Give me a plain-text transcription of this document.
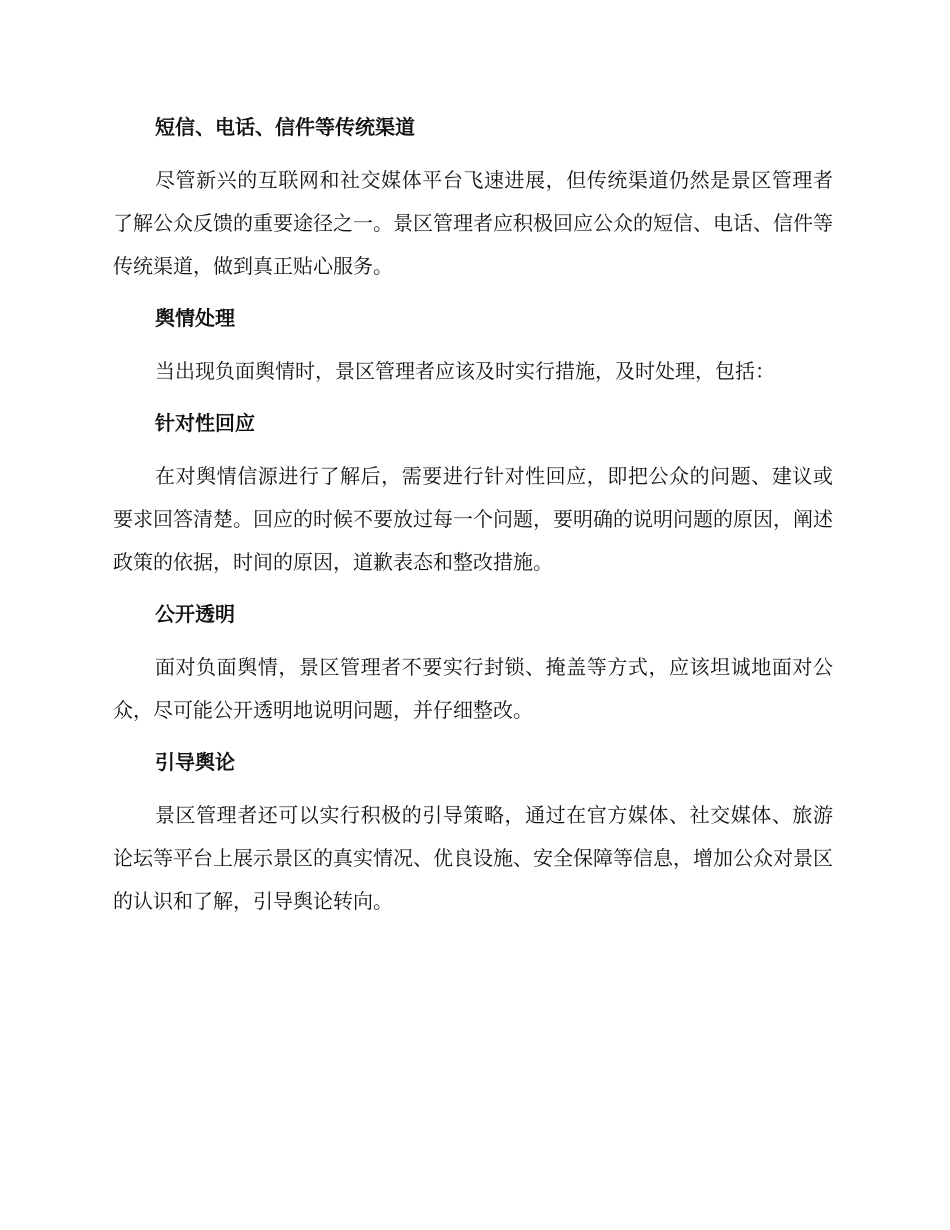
短信、电话、信件等传统渠道

尽管新兴的互联网和社交媒体平台飞速进展，但传统渠道仍然是景区管理者了解公众反馈的重要途径之一。景区管理者应积极回应公众的短信、电话、信件等传统渠道，做到真正贴心服务。

舆情处理

当出现负面舆情时，景区管理者应该及时实行措施，及时处理，包括：

针对性回应

在对舆情信源进行了解后，需要进行针对性回应，即把公众的问题、建议或要求回答清楚。回应的时候不要放过每一个问题，要明确的说明问题的原因，阐述政策的依据，时间的原因，道歉表态和整改措施。

公开透明

面对负面舆情，景区管理者不要实行封锁、掩盖等方式，应该坦诚地面对公众，尽可能公开透明地说明问题，并仔细整改。

引导舆论

景区管理者还可以实行积极的引导策略，通过在官方媒体、社交媒体、旅游论坛等平台上展示景区的真实情况、优良设施、安全保障等信息，增加公众对景区的认识和了解，引导舆论转向。
